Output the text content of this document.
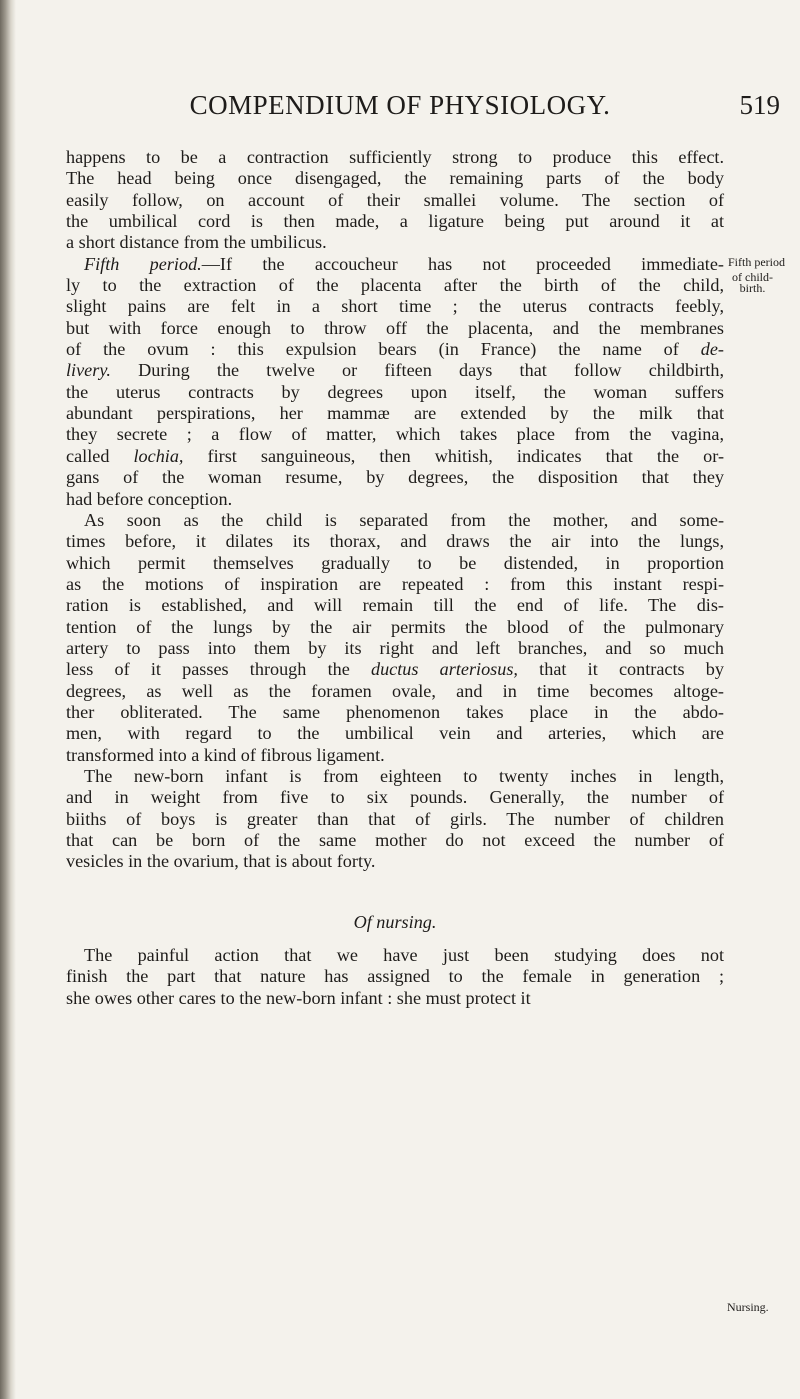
COMPENDIUM OF PHYSIOLOGY.	519
happens to be a contraction sufficiently strong to produce this effect.
The head being once disengaged, the remaining parts of the body
easily follow, on account of their smallei volume. The section of
the umbilical cord is then made, a ligature being put around it at
a short distance from the umbilicus.
Fifth period.—If the accoucheur has not proceeded immediate-
ly to the extraction of the placenta after the birth of the child,
slight pains are felt in a short time ; the uterus contracts feebly,
but with force enough to throw off the placenta, and the membranes
of the ovum : this expulsion bears (in France) the name of de-
livery. During the twelve or fifteen days that follow childbirth,
the uterus contracts by degrees upon itself, the woman suffers
abundant perspirations, her mammæ are extended by the milk that
they secrete ; a flow of matter, which takes place from the vagina,
called lochia, first sanguineous, then whitish, indicates that the or-
gans of the woman resume, by degrees, the disposition that they
had before conception.
As soon as the child is separated from the mother, and some-
times before, it dilates its thorax, and draws the air into the lungs,
which permit themselves gradually to be distended, in proportion
as the motions of inspiration are repeated : from this instant respi-
ration is established, and will remain till the end of life. The dis-
tention of the lungs by the air permits the blood of the pulmonary
artery to pass into them by its right and left branches, and so much
less of it passes through the ductus arteriosus, that it contracts by
degrees, as well as the foramen ovale, and in time becomes altoge-
ther obliterated. The same phenomenon takes place in the abdo-
men, with regard to the umbilical vein and arteries, which are
transformed into a kind of fibrous ligament.
The new-born infant is from eighteen to twenty inches in length,
and in weight from five to six pounds. Generally, the number of
biiths of boys is greater than that of girls. The number of children
that can be born of the same mother do not exceed the number of
vesicles in the ovarium, that is about forty.
Of nursing.
The painful action that we have just been studying does not
finish the part that nature has assigned to the female in generation ;
she owes other cares to the new-born infant : she must protect it
Fifth period
of child-
birth.
Nursing.
